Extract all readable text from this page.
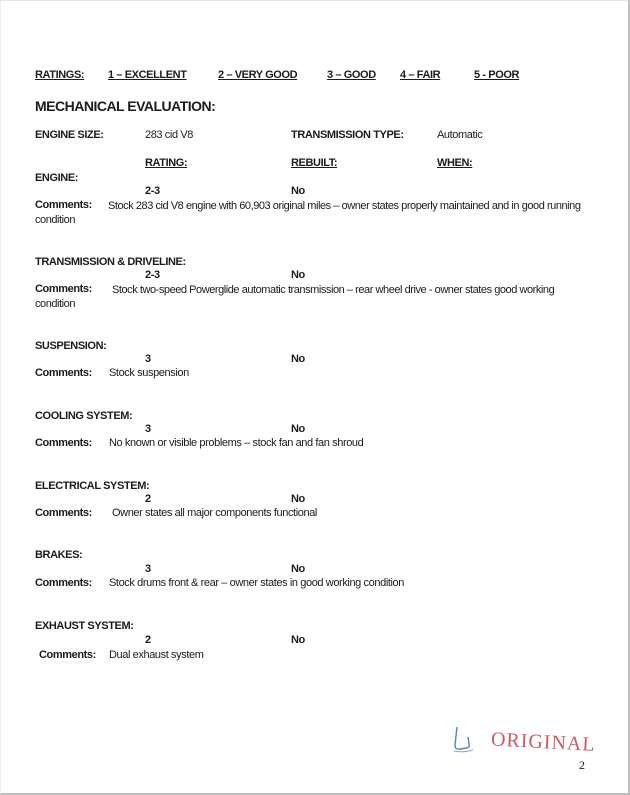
RATINGS: 1 – EXCELLENT	2 – VERY GOOD	3 – GOOD 4 – FAIR	5 - POOR
MECHANICAL EVALUATION:
ENGINE SIZE:	283 cid V8	TRANSMISSION TYPE:	Automatic
RATING:	REBUILT:	WHEN:
ENGINE:
2-3	No
Comments:	Stock 283 cid V8 engine with 60,903 original miles – owner states properly maintained and in good running condition
TRANSMISSION & DRIVELINE:
2-3	No
Comments:	Stock two-speed Powerglide automatic transmission – rear wheel drive - owner states good working condition
SUSPENSION:
3	No
Comments: Stock suspension
COOLING SYSTEM:
3	No
Comments: No known or visible problems – stock fan and fan shroud
ELECTRICAL SYSTEM:
2	No
Comments: Owner states all major components functional
BRAKES:
3	No
Comments: Stock drums front & rear – owner states in good working condition
EXHAUST SYSTEM:
2	No
Comments: Dual exhaust system
ORIGINAL
2
